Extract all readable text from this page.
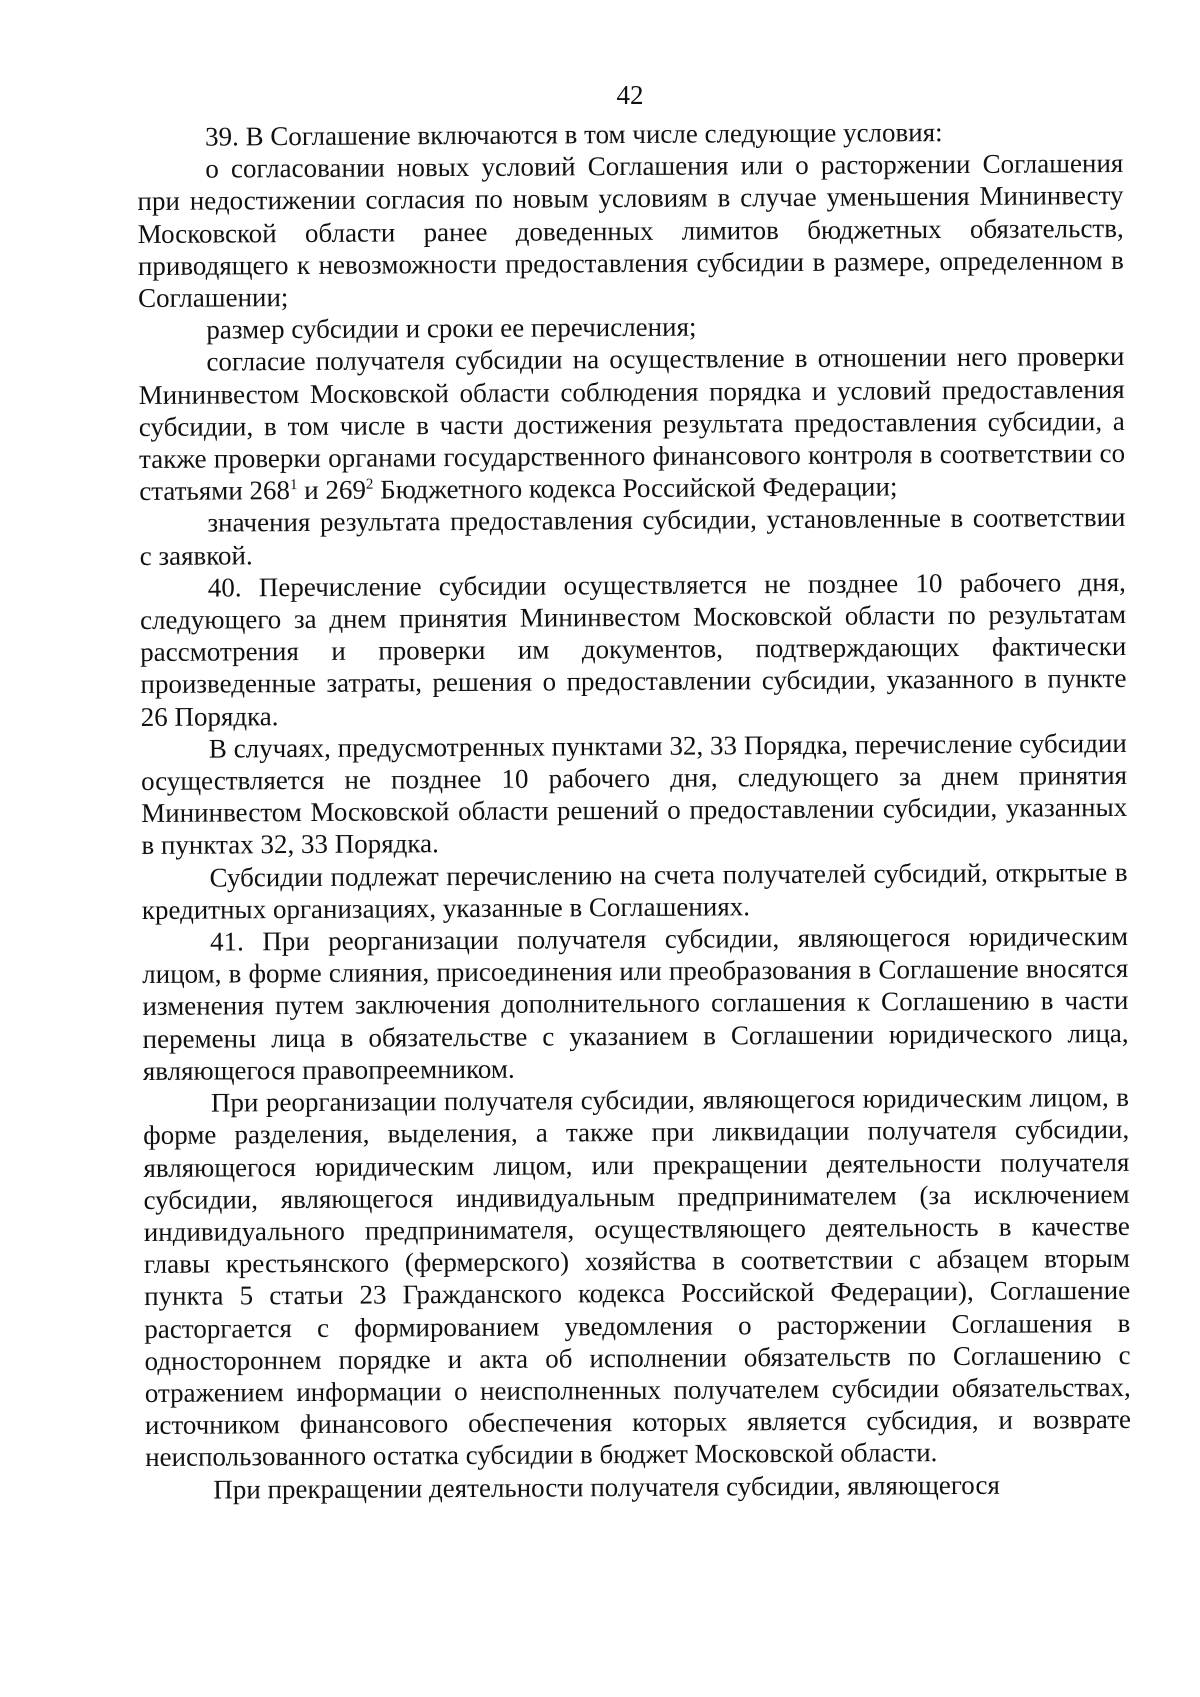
42

39. В Соглашение включаются в том числе следующие условия:

о согласовании новых условий Соглашения или о расторжении Соглашения при недостижении согласия по новым условиям в случае уменьшения Мининвесту Московской области ранее доведенных лимитов бюджетных обязательств, приводящего к невозможности предоставления субсидии в размере, определенном в Соглашении;

размер субсидии и сроки ее перечисления;

согласие получателя субсидии на осуществление в отношении него проверки Мининвестом Московской области соблюдения порядка и условий предоставления субсидии, в том числе в части достижения результата предоставления субсидии, а также проверки органами государственного финансового контроля в соответствии со статьями $268^1$ и $269^2$ Бюджетного кодекса Российской Федерации;

значения результата предоставления субсидии, установленные в соответствии с заявкой.

40. Перечисление субсидии осуществляется не позднее 10 рабочего дня, следующего за днем принятия Мининвестом Московской области по результатам рассмотрения и проверки им документов, подтверждающих фактически произведенные затраты, решения о предоставлении субсидии, указанного в пункте 26 Порядка.

В случаях, предусмотренных пунктами 32, 33 Порядка, перечисление субсидии осуществляется не позднее 10 рабочего дня, следующего за днем принятия Мининвестом Московской области решений о предоставлении субсидии, указанных в пунктах 32, 33 Порядка.

Субсидии подлежат перечислению на счета получателей субсидий, открытые в кредитных организациях, указанные в Соглашениях.

41. При реорганизации получателя субсидии, являющегося юридическим лицом, в форме слияния, присоединения или преобразования в Соглашение вносятся изменения путем заключения дополнительного соглашения к Соглашению в части перемены лица в обязательстве с указанием в Соглашении юридического лица, являющегося правопреемником.

При реорганизации получателя субсидии, являющегося юридическим лицом, в форме разделения, выделения, а также при ликвидации получателя субсидии, являющегося юридическим лицом, или прекращении деятельности получателя субсидии, являющегося индивидуальным предпринимателем (за исключением индивидуального предпринимателя, осуществляющего деятельность в качестве главы крестьянского (фермерского) хозяйства в соответствии с абзацем вторым пункта 5 статьи 23 Гражданского кодекса Российской Федерации), Соглашение расторгается с формированием уведомления о расторжении Соглашения в одностороннем порядке и акта об исполнении обязательств по Соглашению с отражением информации о неисполненных получателем субсидии обязательствах, источником финансового обеспечения которых является субсидия, и возврате неиспользованного остатка субсидии в бюджет Московской области.

При прекращении деятельности получателя субсидии, являющегося
